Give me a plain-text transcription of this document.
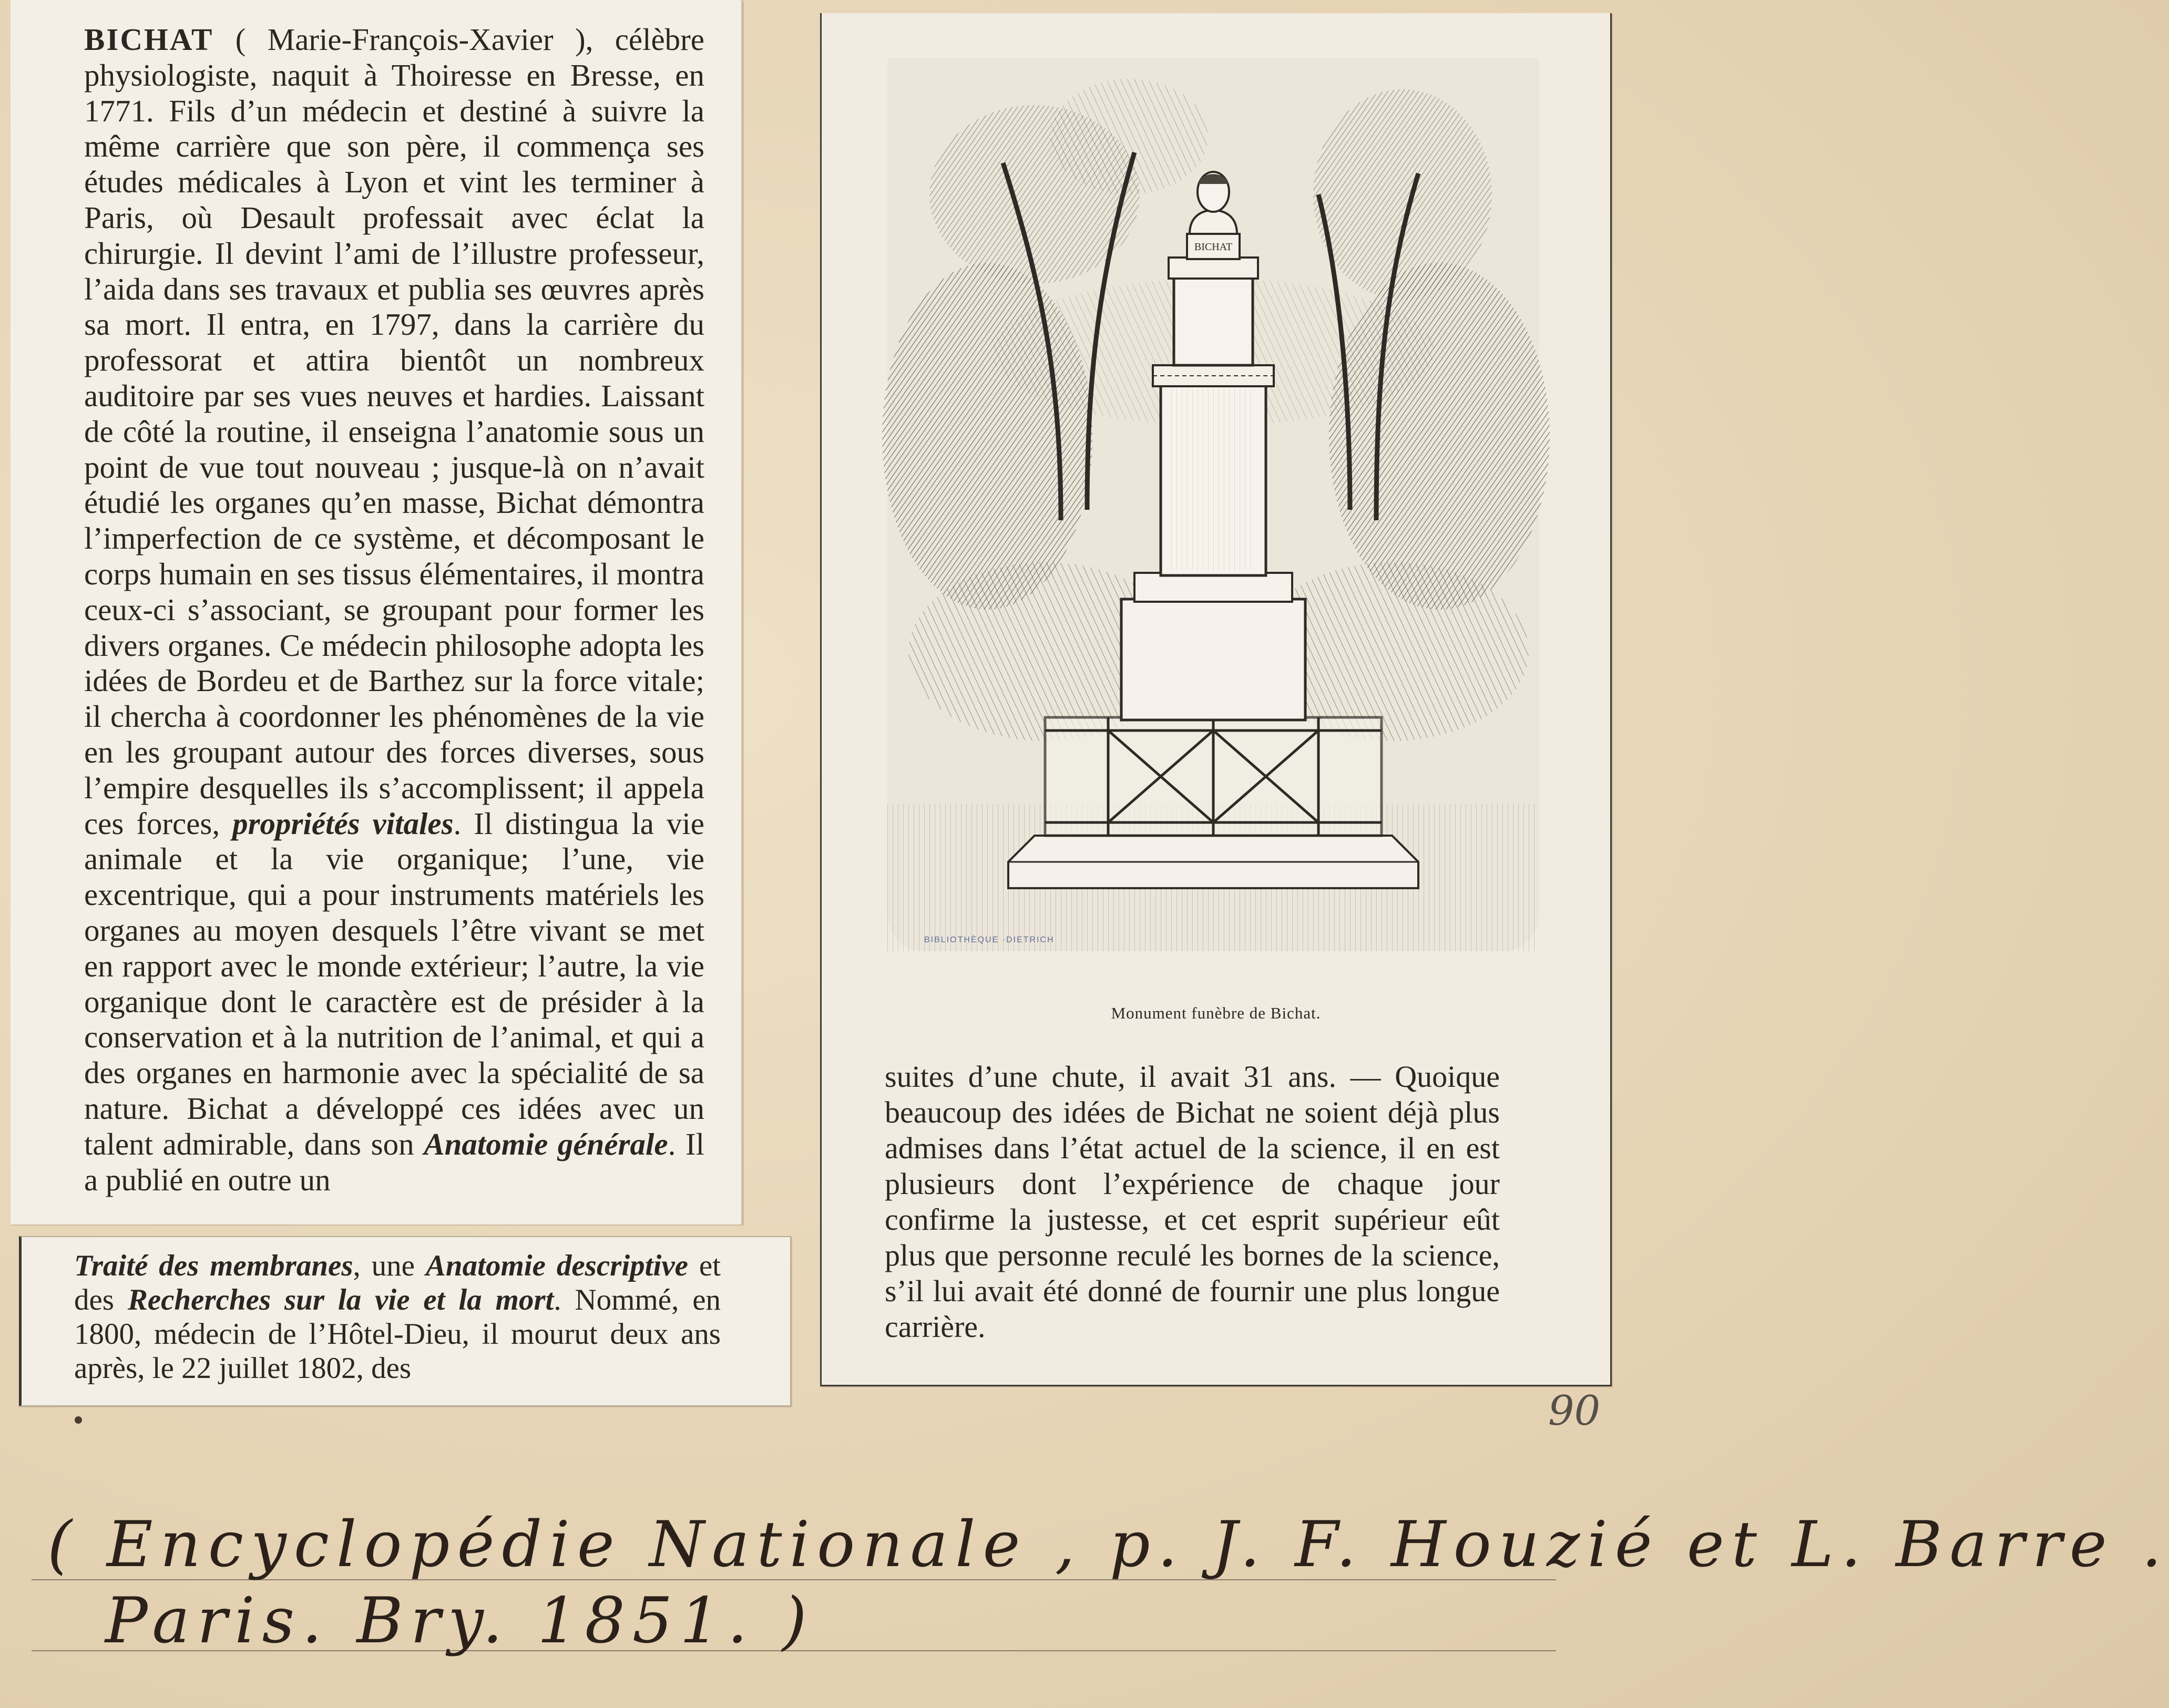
BICHAT ( Marie-François-Xavier ), célèbre physiologiste, naquit à Thoiresse en Bresse, en 1771. Fils d’un médecin et destiné à suivre la même carrière que son père, il commença ses études médicales à Lyon et vint les terminer à Paris, où Desault professait avec éclat la chirurgie. Il devint l’ami de l’illustre professeur, l’aida dans ses travaux et publia ses œuvres après sa mort. Il entra, en 1797, dans la carrière du professorat et attira bientôt un nombreux auditoire par ses vues neuves et hardies. Laissant de côté la routine, il enseigna l’anatomie sous un point de vue tout nouveau ; jusque-là on n’avait étudié les organes qu’en masse, Bichat démontra l’imperfection de ce système, et décomposant le corps humain en ses tissus élémentaires, il montra ceux-ci s’associant, se groupant pour former les divers organes. Ce médecin philosophe adopta les idées de Bordeu et de Barthez sur la force vitale; il chercha à coordonner les phénomènes de la vie en les groupant autour des forces diverses, sous l’empire desquelles ils s’accomplissent; il appela ces forces, propriétés vitales. Il distingua la vie animale et la vie organique; l’une, vie excentrique, qui a pour instruments matériels les organes au moyen desquels l’être vivant se met en rapport avec le monde extérieur; l’autre, la vie organique dont le caractère est de présider à la conservation et à la nutrition de l’animal, et qui a des organes en harmonie avec la spécialité de sa nature. Bichat a développé ces idées avec un talent admirable, dans son Anatomie générale. Il a publié en outre un

Traité des membranes, une Anatomie descriptive et des Recherches sur la vie et la mort. Nommé, en 1800, médecin de l’Hôtel-Dieu, il mourut deux ans après, le 22 juillet 1802, des

BICHAT
BIBLIOTHÈQUE ·DIETRICH
Monument funèbre de Bichat.

suites d’une chute, il avait 31 ans. — Quoique beaucoup des idées de Bichat ne soient déjà plus admises dans l’état actuel de la science, il en est plusieurs dont l’expérience de chaque jour confirme la justesse, et cet esprit supérieur eût plus que personne reculé les bornes de la science, s’il lui avait été donné de fournir une plus longue carrière.

90
( Encyclopédie Nationale , p. J. F. Houzié et L. Barre .
Paris. Bry. 1851. )
